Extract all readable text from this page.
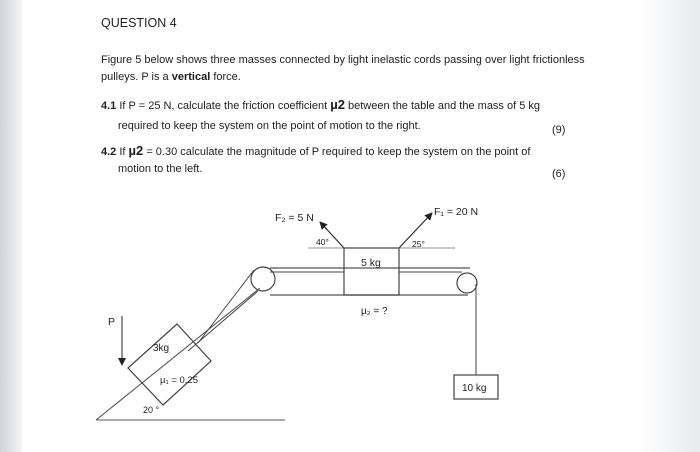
QUESTION 4
Figure 5 below shows three masses connected by light inelastic cords passing over light frictionless
pulleys. P is a vertical force.
4.1 If P = 25 N, calculate the friction coefficient µ2 between the table and the mass of 5 kg
required to keep the system on the point of motion to the right.	(9)
4.2 If µ2 = 0.30 calculate the magnitude of P required to keep the system on the point of
motion to the left.	(6)
F₂ = 5 N	F₁ = 20 N
40°	25°
5 kg
µ₂ = ?
P
3kg
µ₁ = 0.25
20 °
10 kg
